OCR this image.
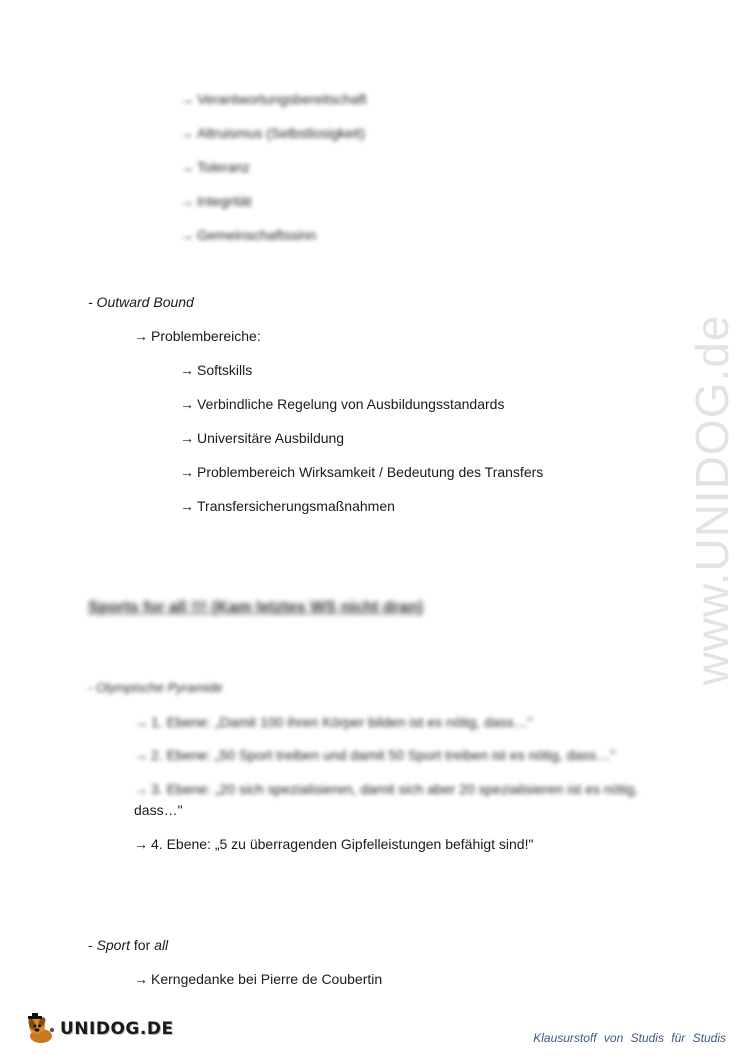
→ Verantwortungsbereitschaft
→ Altruismus (Selbstlosigkeit)
→ Toleranz
→ Integrität
→ Gemeinschaftssinn
- Outward Bound
→ Problembereiche:
→ Softskills
→ Verbindliche Regelung von Ausbildungsstandards
→ Universitäre Ausbildung
→ Problembereich Wirksamkeit / Bedeutung des Transfers
→ Transfersicherungsmaßnahmen
Sports for all !!! (Kam letztes WS nicht dran)
- Olympische Pyramide
→ 1. Ebene: „Damit 100 ihren Körper bilden ist es nötig, dass…"
→ 2. Ebene: „50 Sport treiben und damit 50 Sport treiben ist es nötig, dass…"
→ 3. Ebene: „20 sich spezialisieren, damit sich aber 20 spezialisieren ist es nötig,
dass…"
→ 4. Ebene: „5 zu überragenden Gipfelleistungen befähigt sind!"
- Sport for all
→ Kerngedanke bei Pierre de Coubertin
www.UNIDOG.de
UNIDOG.DE	Klausurstoff von Studis für Studis
